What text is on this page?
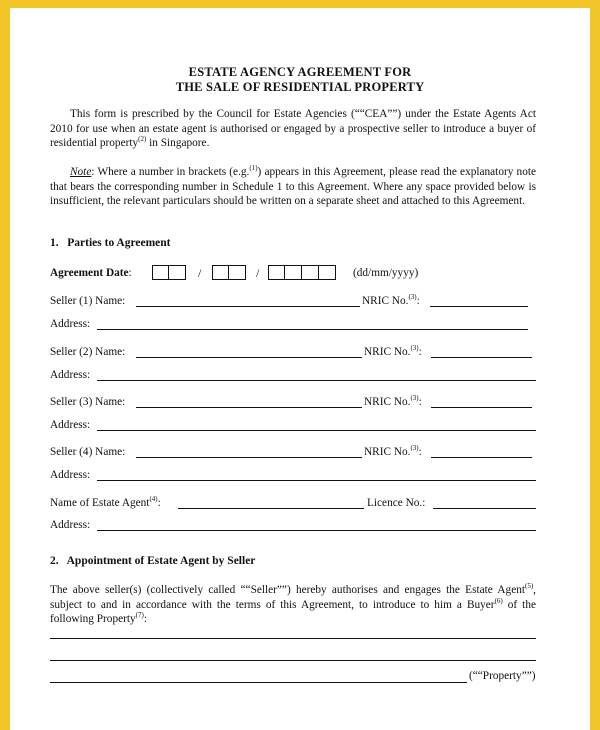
ESTATE AGENCY AGREEMENT FOR
THE SALE OF RESIDENTIAL PROPERTY
This form is prescribed by the Council for Estate Agencies (““CEA””) under the Estate Agents Act 2010 for use when an estate agent is authorised or engaged by a prospective seller to introduce a buyer of residential property$^{(2)}$ in Singapore.
Note: Where a number in brackets (e.g.$^{(1)}$) appears in this Agreement, please read the explanatory note that bears the corresponding number in Schedule 1 to this Agreement. Where any space provided below is insufficient, the relevant particulars should be written on a separate sheet and attached to this Agreement.
1.   Parties to Agreement
Agreement Date:	/	/	(dd/mm/yyyy)
Seller (1) Name:	NRIC No.$^{(3)}$:
Address:
Seller (2) Name:	NRIC No.$^{(3)}$:
Address:
Seller (3) Name:	NRIC No.$^{(3)}$:
Address:
Seller (4) Name:	NRIC No.$^{(3)}$:
Address:
Name of Estate Agent$^{(4)}$:	Licence No.:
Address:
2.   Appointment of Estate Agent by Seller
The above seller(s) (collectively called ““Seller””) hereby authorises and engages the Estate Agent$^{(5)}$, subject to and in accordance with the terms of this Agreement, to introduce to him a Buyer$^{(6)}$ of the following Property$^{(7)}$:
(““Property””)
